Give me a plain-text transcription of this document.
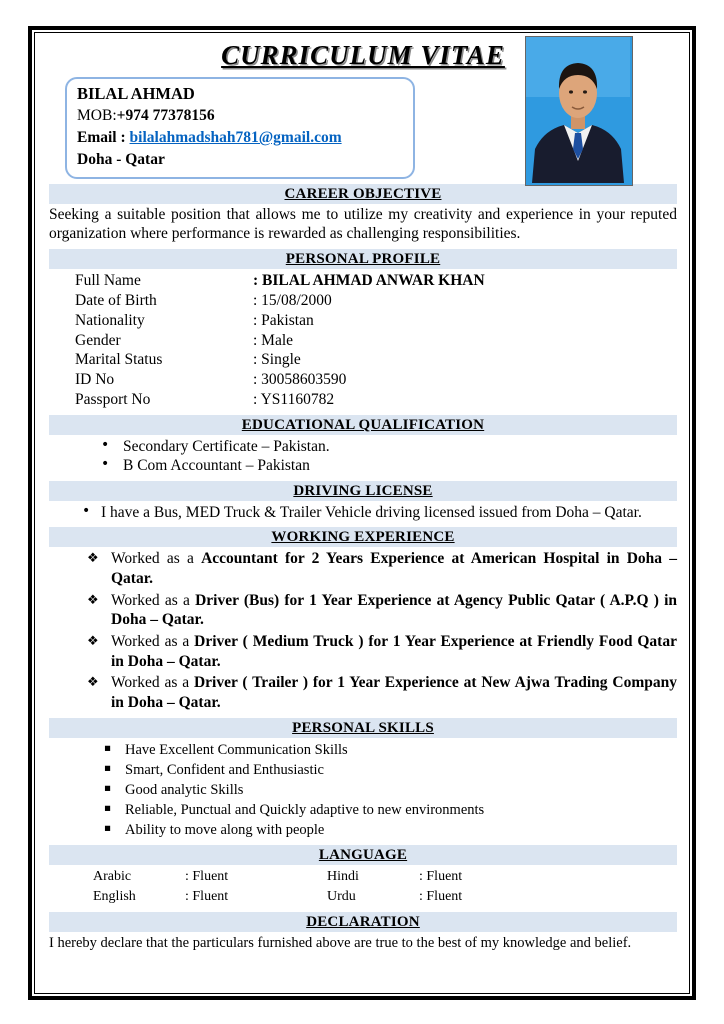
CURRICULUM VITAE
BILAL AHMAD
MOB:+974 77378156
Email : bilalahmadshah781@gmail.com
Doha - Qatar
CAREER OBJECTIVE

Seeking a suitable position that allows me to utilize my creativity and experience in your reputed organization where performance is rewarded as challenging responsibilities.

PERSONAL PROFILE
Full Name	: BILAL AHMAD ANWAR KHAN
Date of Birth	: 15/08/2000
Nationality	: Pakistan
Gender	: Male
Marital Status	: Single
ID No	: 30058603590
Passport No	: YS1160782
EDUCATIONAL QUALIFICATION
• Secondary Certificate – Pakistan.
• B Com Accountant – Pakistan
DRIVING LICENSE
• I have a Bus, MED Truck & Trailer Vehicle driving licensed issued from Doha – Qatar.
WORKING EXPERIENCE
❖ Worked as a Accountant for 2 Years Experience at American Hospital in Doha – Qatar.
❖ Worked as a Driver (Bus) for 1 Year Experience at Agency Public Qatar ( A.P.Q ) in Doha – Qatar.
❖ Worked as a Driver ( Medium Truck ) for 1 Year Experience at Friendly Food Qatar in Doha – Qatar.
❖ Worked as a Driver ( Trailer ) for 1 Year Experience at New Ajwa Trading Company in Doha – Qatar.
PERSONAL SKILLS
▪ Have Excellent Communication Skills
▪ Smart, Confident and Enthusiastic
▪ Good analytic Skills
▪ Reliable, Punctual and Quickly adaptive to new environments
▪ Ability to move along with people
LANGUAGE
Arabic	: Fluent	Hindi	: Fluent
English	: Fluent	Urdu	: Fluent
DECLARATION

I hereby declare that the particulars furnished above are true to the best of my knowledge and belief.
